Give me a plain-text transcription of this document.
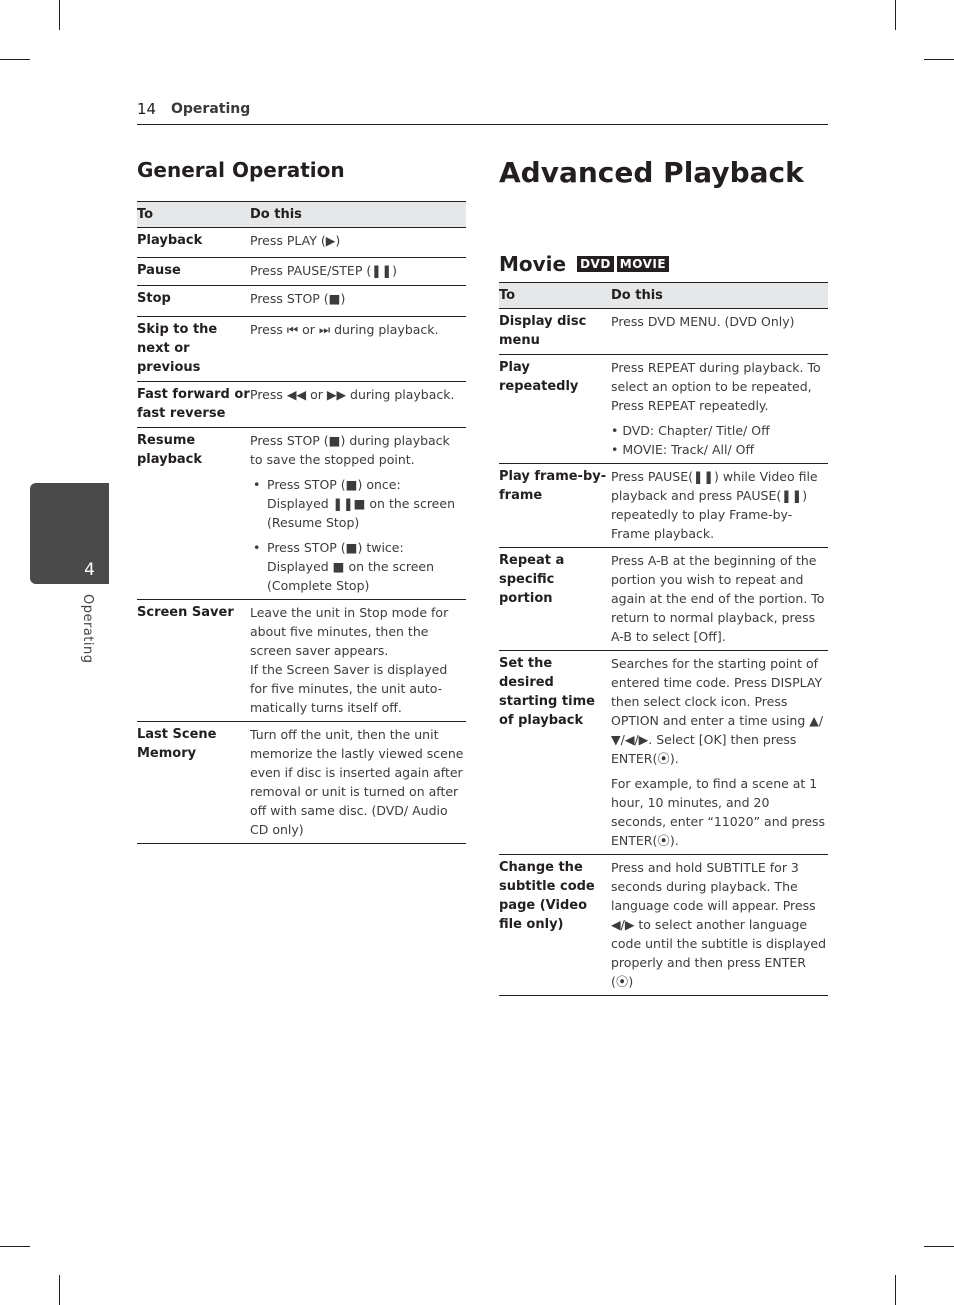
14 Operating
4
Operating
General Operation
To	Do this
Playback	Press PLAY (▶)
Pause	Press PAUSE/STEP (❚❚)
Stop	Press STOP (■)
Skip to the next or previous	Press ⏮ or ⏭ during playback.
Fast forward or fast reverse	Press ◀◀ or ▶▶ during playback.
Resume playback	Press STOP (■) during playback to save the stopped point.
• Press STOP (■) once: Displayed ❚❚■ on the screen (Resume Stop)
• Press STOP (■) twice: Displayed ■ on the screen (Complete Stop)

Screen Saver	Leave the unit in Stop mode for about five minutes, then the screen saver appears.
If the Screen Saver is displayed for five minutes, the unit auto-matically turns itself off.

Last Scene Memory	Turn off the unit, then the unit memorize the lastly viewed scene even if disc is inserted again after removal or unit is turned on after off with same disc. (DVD/ Audio CD only)
Advanced Playback
Movie DVD MOVIE
To	Do this
Display disc menu	Press DVD MENU. (DVD Only)
Play repeatedly	Press REPEAT during playback. To select an option to be repeated, Press REPEAT repeatedly.
• DVD: Chapter/ Title/ Off
• MOVIE: Track/ All/ Off

Play frame-by-frame	Press PAUSE(❚❚) while Video file playback and press PAUSE(❚❚) repeatedly to play Frame-by-Frame playback.
Repeat a specific portion	Press A-B at the beginning of the portion you wish to repeat and again at the end of the portion. To return to normal playback, press A-B to select [Off].
Set the desired starting time of playback	Searches for the starting point of entered time code. Press DISPLAY then select clock icon. Press OPTION and enter a time using ▲/▼/◀/▶. Select [OK] then press ENTER(⦿).
For example, to find a scene at 1 hour, 10 minutes, and 20 seconds, enter “11020” and press ENTER(⦿).

Change the subtitle code page (Video file only)	Press and hold SUBTITLE for 3 seconds during playback. The language code will appear. Press ◀/▶ to select another language code until the subtitle is displayed properly and then press ENTER (⦿)
